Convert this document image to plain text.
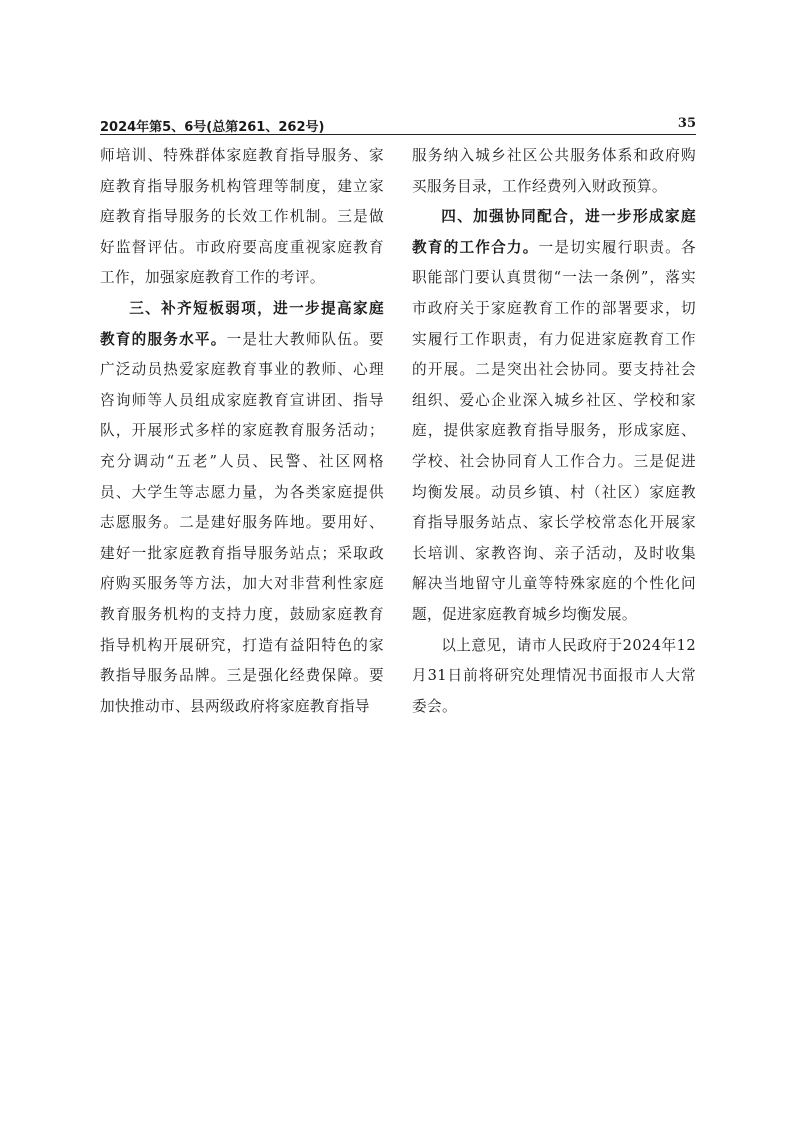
2024年第5、6号(总第261、262号)	35

师培训、特殊群体家庭教育指导服务、家庭教育指导服务机构管理等制度，建立家庭教育指导服务的长效工作机制。三是做好监督评估。市政府要高度重视家庭教育工作，加强家庭教育工作的考评。

三、补齐短板弱项，进一步提高家庭教育的服务水平。一是壮大教师队伍。要广泛动员热爱家庭教育事业的教师、心理咨询师等人员组成家庭教育宣讲团、指导队，开展形式多样的家庭教育服务活动；充分调动“五老”人员、民警、社区网格员、大学生等志愿力量，为各类家庭提供志愿服务。二是建好服务阵地。要用好、建好一批家庭教育指导服务站点；采取政府购买服务等方法，加大对非营利性家庭教育服务机构的支持力度，鼓励家庭教育指导机构开展研究，打造有益阳特色的家教指导服务品牌。三是强化经费保障。要加快推动市、县两级政府将家庭教育指导

服务纳入城乡社区公共服务体系和政府购买服务目录，工作经费列入财政预算。

四、加强协同配合，进一步形成家庭教育的工作合力。一是切实履行职责。各职能部门要认真贯彻“一法一条例”，落实市政府关于家庭教育工作的部署要求，切实履行工作职责，有力促进家庭教育工作的开展。二是突出社会协同。要支持社会组织、爱心企业深入城乡社区、学校和家庭，提供家庭教育指导服务，形成家庭、学校、社会协同育人工作合力。三是促进均衡发展。动员乡镇、村（社区）家庭教育指导服务站点、家长学校常态化开展家长培训、家教咨询、亲子活动，及时收集解决当地留守儿童等特殊家庭的个性化问题，促进家庭教育城乡均衡发展。

以上意见，请市人民政府于2024年12月31日前将研究处理情况书面报市人大常委会。
